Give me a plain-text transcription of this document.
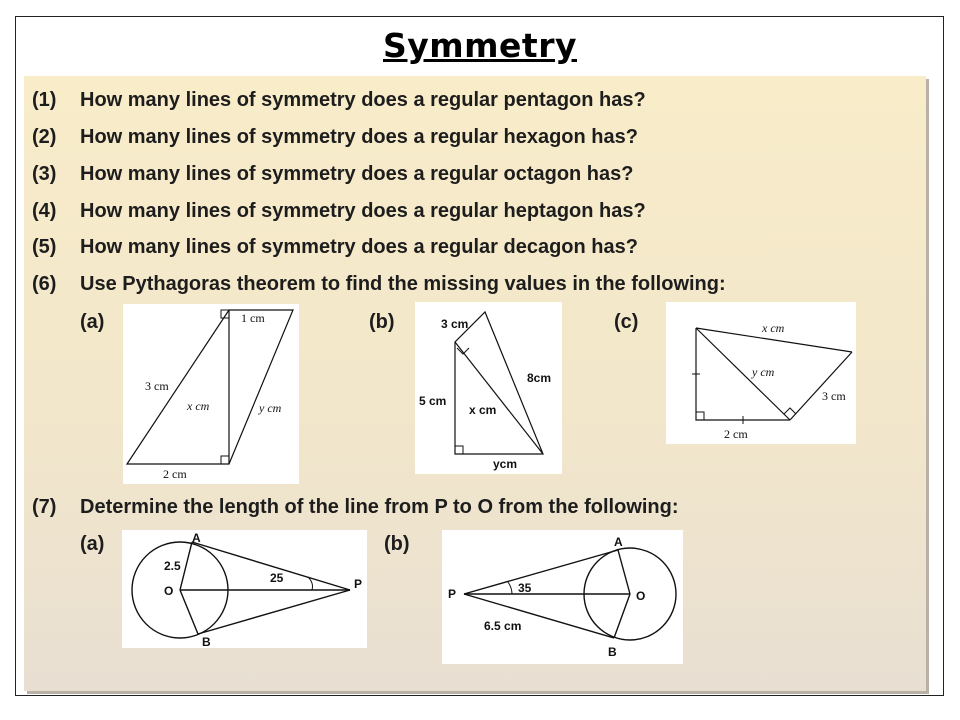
Symmetry
(1) How many lines of symmetry does a regular pentagon has?
(2) How many lines of symmetry does a regular hexagon has?
(3) How many lines of symmetry does a regular octagon has?
(4) How many lines of symmetry does a regular heptagon has?
(5) How many lines of symmetry does a regular decagon has?
(6) Use Pythagoras theorem to find the missing values in the following:
(a)	(b)	(c)
1 cm
3 cm
x cm	y cm
2 cm
3 cm
5 cm
x cm
8cm
ycm
x cm
y cm
3 cm
2 cm
(7) Determine the length of the line from P to O from the following:
(a)	(b)
A
B
O	P
2.5
25
A
B
O
P	35
6.5 cm
